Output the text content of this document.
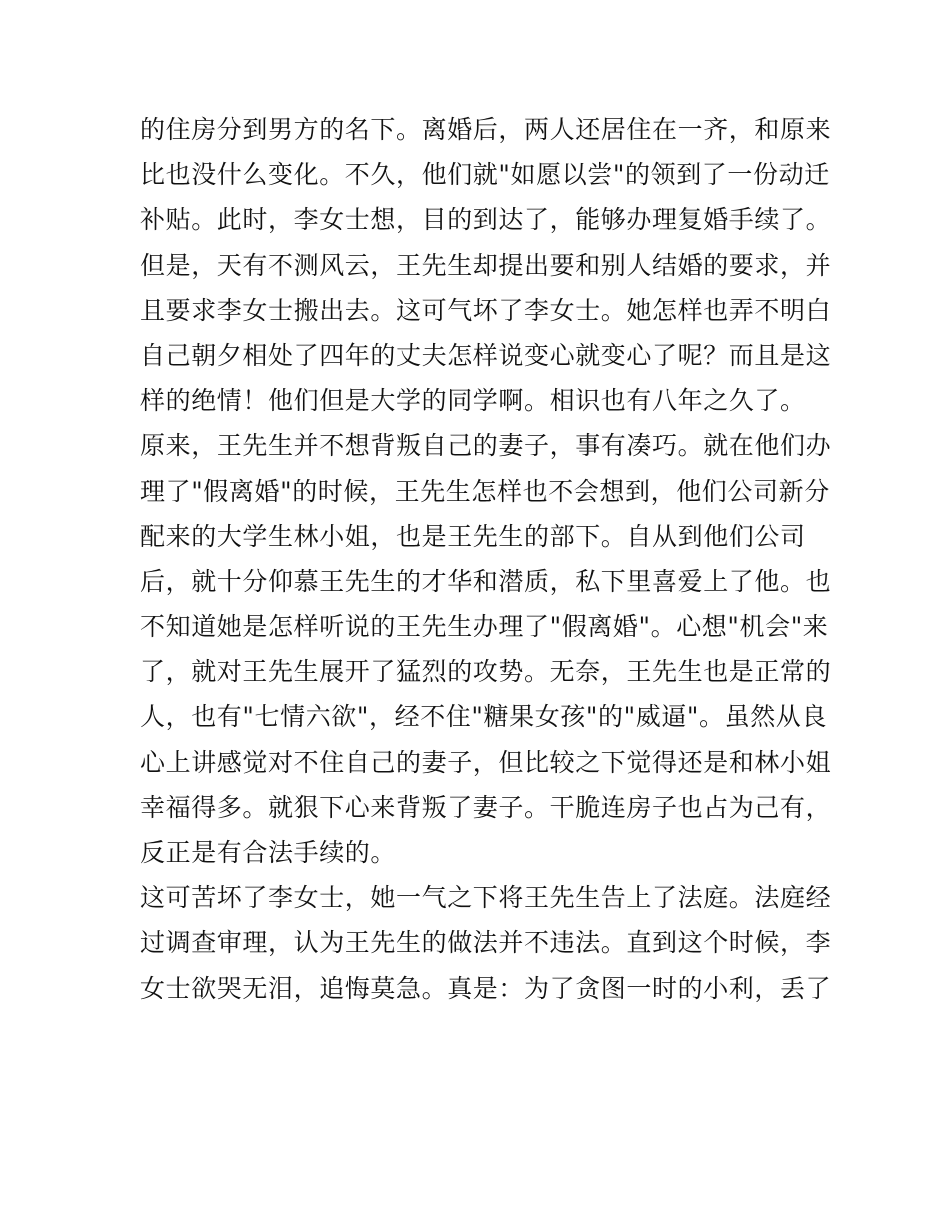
的住房分到男方的名下。离婚后，两人还居住在一齐，和原来
比也没什么变化。不久，他们就"如愿以尝"的领到了一份动迁
补贴。此时，李女士想，目的到达了，能够办理复婚手续了。
但是，天有不测风云，王先生却提出要和别人结婚的要求，并
且要求李女士搬出去。这可气坏了李女士。她怎样也弄不明白
自己朝夕相处了四年的丈夫怎样说变心就变心了呢？而且是这
样的绝情！他们但是大学的同学啊。相识也有八年之久了。
原来，王先生并不想背叛自己的妻子，事有凑巧。就在他们办
理了"假离婚"的时候，王先生怎样也不会想到，他们公司新分
配来的大学生林小姐，也是王先生的部下。自从到他们公司
后，就十分仰慕王先生的才华和潜质，私下里喜爱上了他。也
不知道她是怎样听说的王先生办理了"假离婚"。心想"机会"来
了，就对王先生展开了猛烈的攻势。无奈，王先生也是正常的
人，也有"七情六欲"，经不住"糖果女孩"的"威逼"。虽然从良
心上讲感觉对不住自己的妻子，但比较之下觉得还是和林小姐
幸福得多。就狠下心来背叛了妻子。干脆连房子也占为己有，
反正是有合法手续的。
这可苦坏了李女士，她一气之下将王先生告上了法庭。法庭经
过调查审理，认为王先生的做法并不违法。直到这个时候，李
女士欲哭无泪，追悔莫急。真是：为了贪图一时的小利，丢了
